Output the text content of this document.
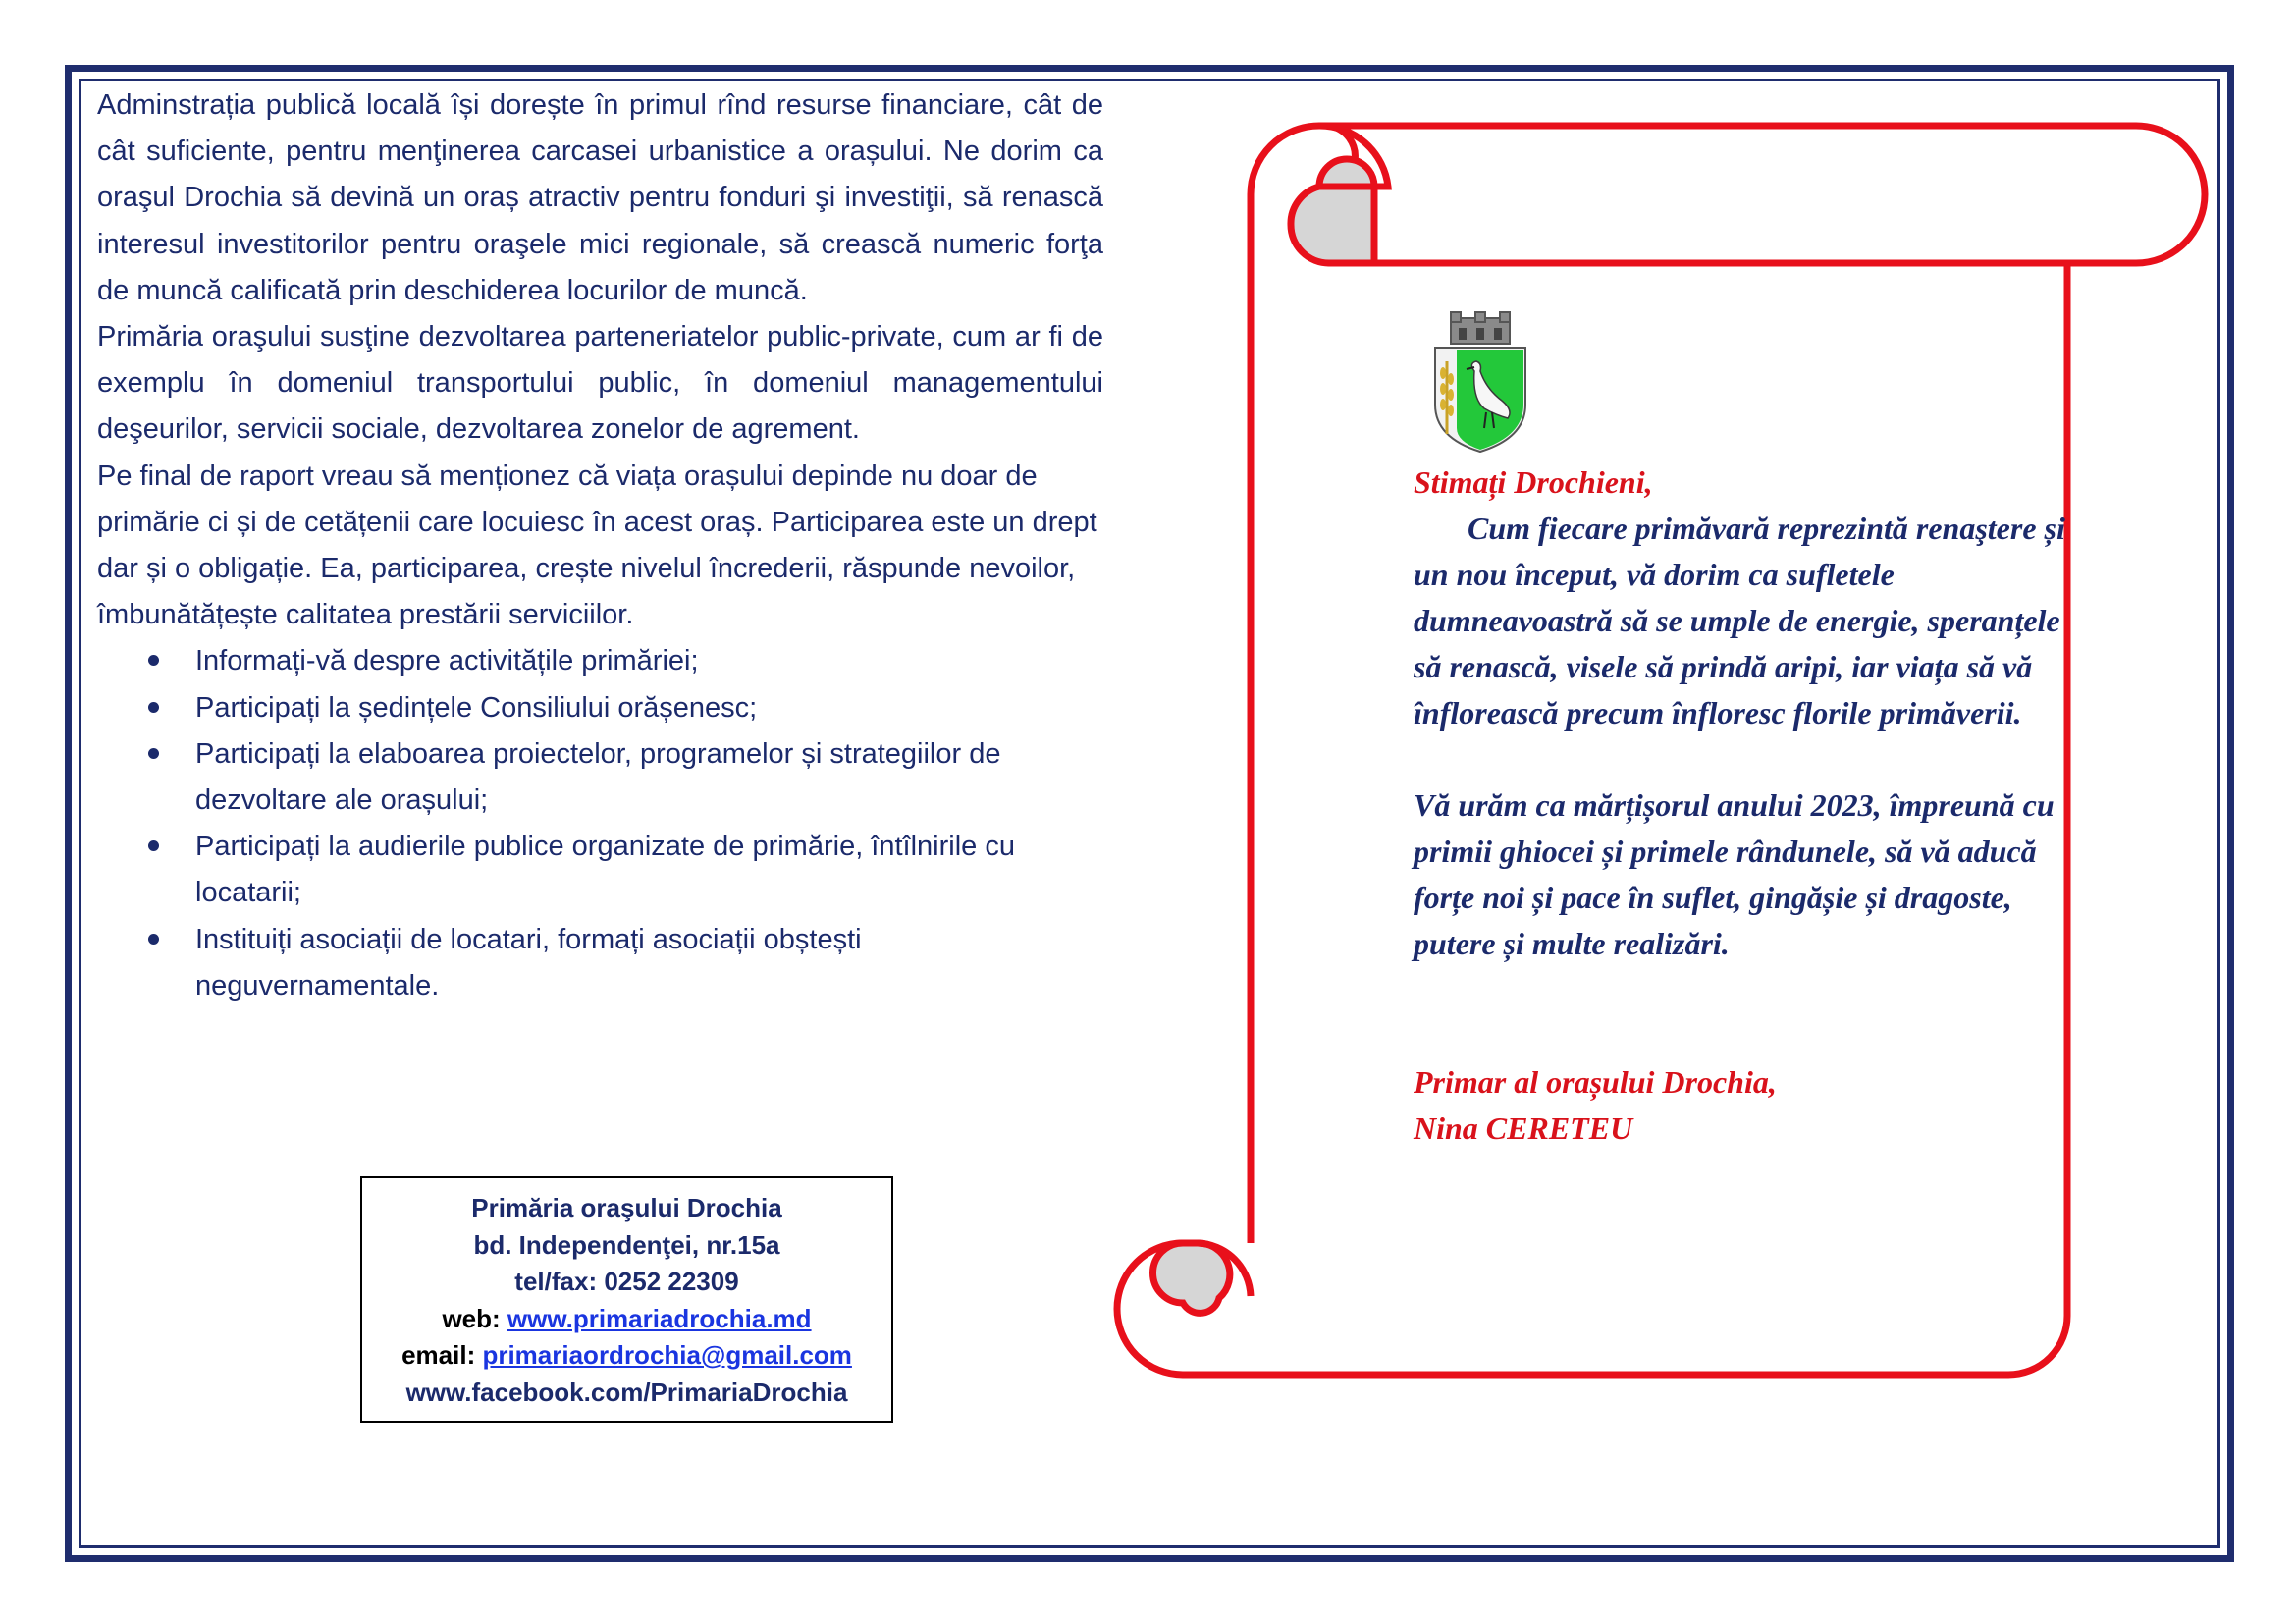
Adminstrația publică locală își dorește în primul rînd resurse financiare, cât de cât suficiente, pentru menţinerea carcasei urbanistice a orașului. Ne dorim ca oraşul Drochia să devină un oraș atractiv pentru fonduri şi investiţii, să renască interesul investitorilor pentru oraşele mici regionale, să crească numeric forţa de muncă calificată prin deschiderea locurilor de muncă.

Primăria oraşului susţine dezvoltarea parteneriatelor public-private, cum ar fi de exemplu în domeniul transportului public, în domeniul managementului deşeurilor, servicii sociale, dezvoltarea zonelor de agrement.

Pe final de raport vreau să menționez că viața orașului depinde nu doar de primărie ci și de cetățenii care locuiesc în acest oraș. Participarea este un drept dar și o obligație. Ea, participarea, crește nivelul încrederii, răspunde nevoilor, îmbunătățește calitatea prestării serviciilor.

Informați-vă despre activitățile primăriei;
Participați la ședințele Consiliului orășenesc;
Participați la elaboarea proiectelor, programelor și strategiilor de dezvoltare ale orașului;
Participați la audierile publice organizate de primărie, întîlnirile cu locatarii;
Instituiți asociații de locatari, formați asociații obștești neguvernamentale.
Primăria oraşului Drochia
bd. Independenţei, nr.15a
tel/fax: 0252 22309
web: www.primariadrochia.md
email: primariaordrochia@gmail.com
www.facebook.com/PrimariaDrochia

Stimați Drochieni,

Cum fiecare primăvară reprezintă renaştere și un nou început, vă dorim ca sufletele dumneavoastră să se umple de energie, speranțele să renască, visele să prindă aripi, iar viața să vă înflorească precum înfloresc florile primăverii.

Vă urăm ca mărțișorul anului 2023, împreună cu primii ghiocei și primele rândunele, să vă aducă forțe noi și pace în suflet, gingășie și dragoste, putere și multe realizări.

Primar al orașului Drochia,

Nina CERETEU
